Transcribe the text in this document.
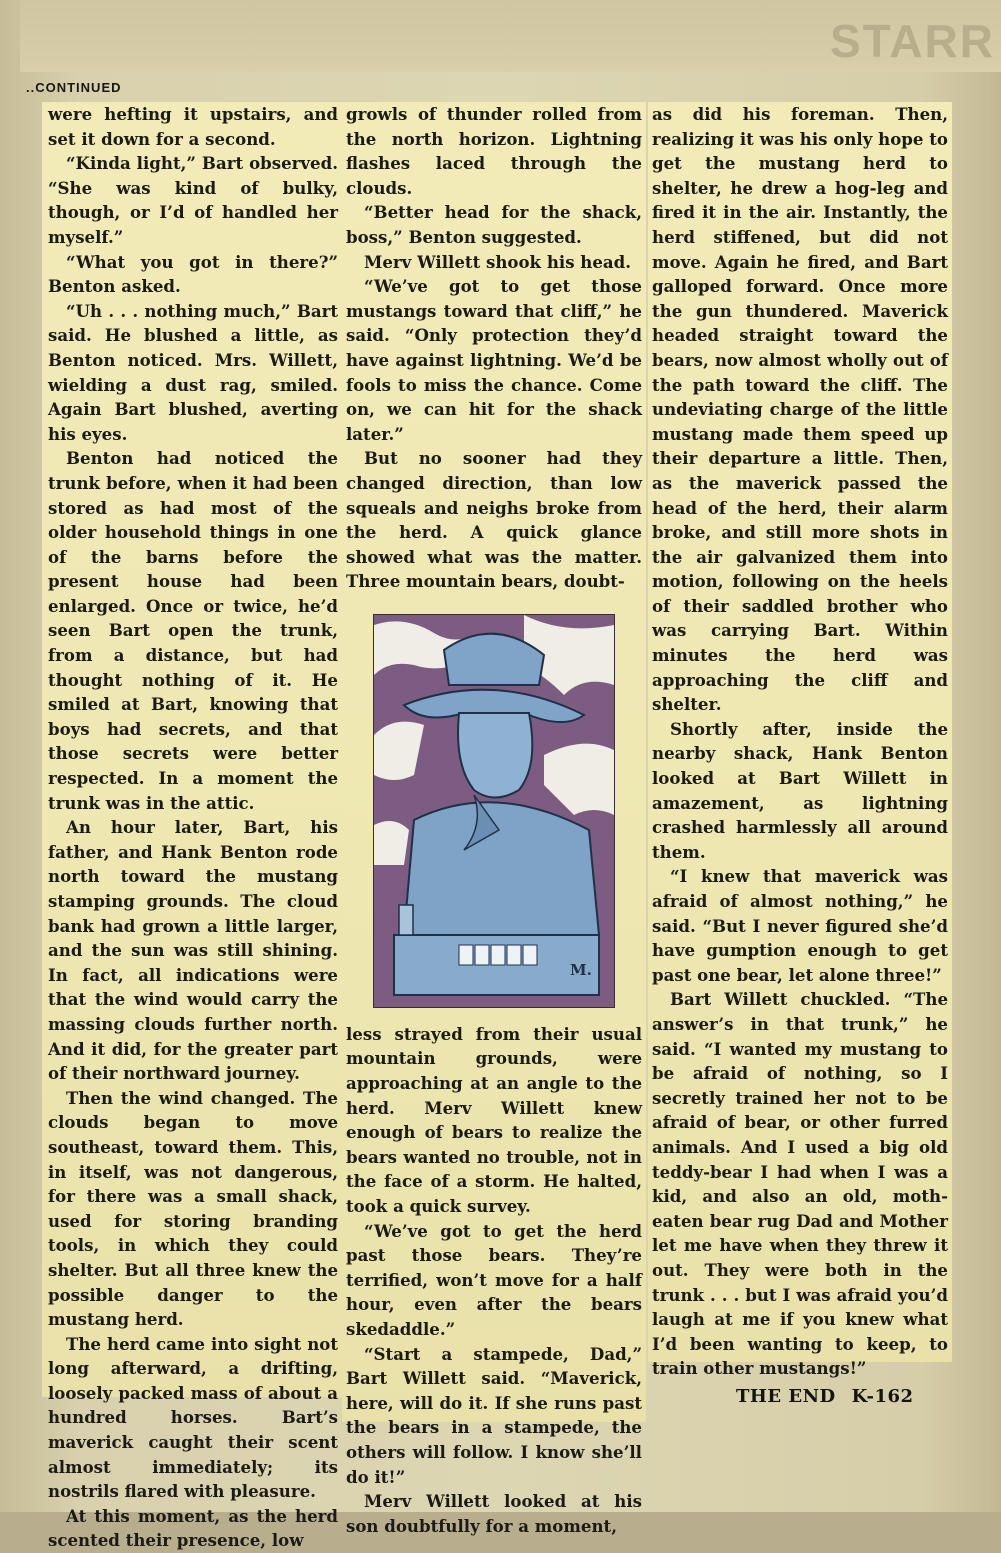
STARR
..CONTINUED

were hefting it upstairs, and set it down for a second.

“Kinda light,” Bart observed. “She was kind of bulky, though, or I’d of handled her myself.”

“What you got in there?” Benton asked.

“Uh . . . nothing much,” Bart said. He blushed a little, as Benton noticed. Mrs. Willett, wielding a dust rag, smiled. Again Bart blushed, averting his eyes.

Benton had noticed the trunk before, when it had been stored as had most of the older household things in one of the barns before the present house had been enlarged. Once or twice, he’d seen Bart open the trunk, from a distance, but had thought nothing of it. He smiled at Bart, knowing that boys had secrets, and that those secrets were better respected. In a moment the trunk was in the attic.

An hour later, Bart, his father, and Hank Benton rode north toward the mustang stamping grounds. The cloud bank had grown a little larger, and the sun was still shining. In fact, all indications were that the wind would carry the massing clouds further north. And it did, for the greater part of their northward journey.

Then the wind changed. The clouds began to move southeast, toward them. This, in itself, was not dangerous, for there was a small shack, used for storing branding tools, in which they could shelter. But all three knew the possible danger to the mustang herd.

The herd came into sight not long afterward, a drifting, loosely packed mass of about a hundred horses. Bart’s maverick caught their scent almost immediately; its nostrils flared with pleasure.

At this moment, as the herd scented their presence, low

growls of thunder rolled from the north horizon. Lightning flashes laced through the clouds.

“Better head for the shack, boss,” Benton suggested.

Merv Willett shook his head.

“We’ve got to get those mustangs toward that cliff,” he said. “Only protection they’d have against lightning. We’d be fools to miss the chance. Come on, we can hit for the shack later.”

But no sooner had they changed direction, than low squeals and neighs broke from the herd. A quick glance showed what was the matter. Three mountain bears, doubt-

M.

less strayed from their usual mountain grounds, were approaching at an angle to the herd. Merv Willett knew enough of bears to realize the bears wanted no trouble, not in the face of a storm. He halted, took a quick survey.

“We’ve got to get the herd past those bears. They’re terrified, won’t move for a half hour, even after the bears skedaddle.”

“Start a stampede, Dad,” Bart Willett said. “Maverick, here, will do it. If she runs past the bears in a stampede, the others will follow. I know she’ll do it!”

Merv Willett looked at his son doubtfully for a moment,

as did his foreman. Then, realizing it was his only hope to get the mustang herd to shelter, he drew a hog-leg and fired it in the air. Instantly, the herd stiffened, but did not move. Again he fired, and Bart galloped forward. Once more the gun thundered. Maverick headed straight toward the bears, now almost wholly out of the path toward the cliff. The undeviating charge of the little mustang made them speed up their departure a little. Then, as the maverick passed the head of the herd, their alarm broke, and still more shots in the air galvanized them into motion, following on the heels of their saddled brother who was carrying Bart. Within minutes the herd was approaching the cliff and shelter.

Shortly after, inside the nearby shack, Hank Benton looked at Bart Willett in amazement, as lightning crashed harmlessly all around them.

“I knew that maverick was afraid of almost nothing,” he said. “But I never figured she’d have gumption enough to get past one bear, let alone three!”

Bart Willett chuckled. “The answer’s in that trunk,” he said. “I wanted my mustang to be afraid of nothing, so I secretly trained her not to be afraid of bear, or other furred animals. And I used a big old teddy-bear I had when I was a kid, and also an old, moth-eaten bear rug Dad and Mother let me have when they threw it out. They were both in the trunk . . . but I was afraid you’d laugh at me if you knew what I’d been wanting to keep, to train other mustangs!”

THE END K-162
